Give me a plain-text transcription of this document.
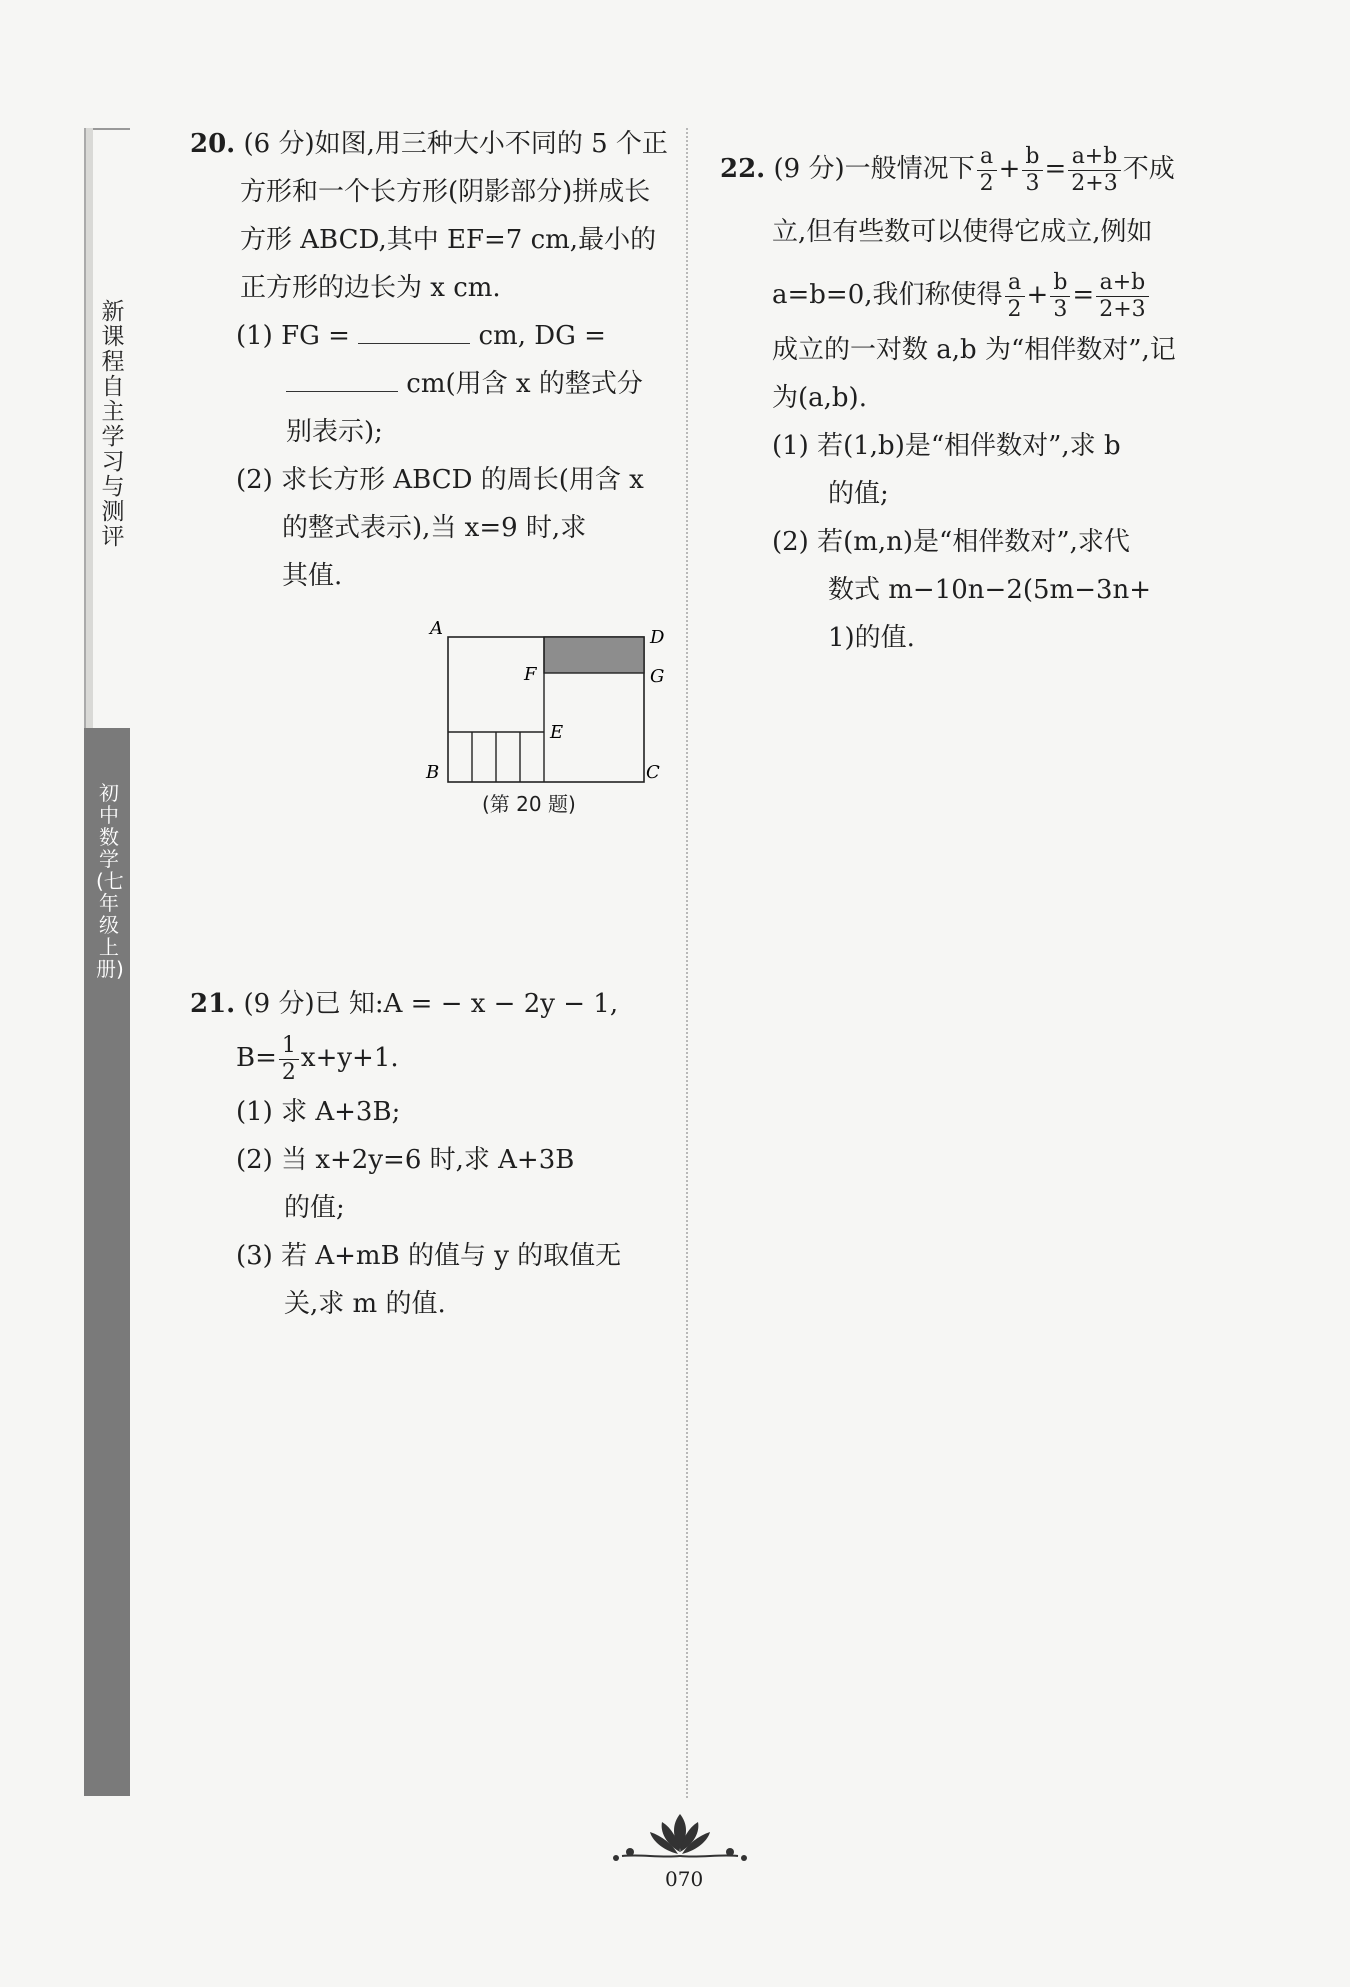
新课程自主学习与测评
初中数学(七年级上册)
20. (6 分)如图,用三种大小不同的 5 个正
方形和一个长方形(阴影部分)拼成长
方形 ABCD,其中 EF=7 cm,最小的
正方形的边长为 x cm.
(1) FG =	cm, DG =
cm(用含 x 的整式分
别表示);
(2) 求长方形 ABCD 的周长(用含 x
的整式表示),当 x=9 时,求
其值.
A	D
F	G
E
B	C
(第 20 题)
21. (9 分)已 知:A = − x − 2y − 1,
$B= \frac{1}{2} x+y+1$.
(1) 求 A+3B;
(2) 当 x+2y=6 时,求 A+3B
的值;
(3) 若 A+mB 的值与 y 的取值无
关,求 m 的值.
22. (9 分)一般情况下 $\frac{a}{2} + \frac{b}{3} = \frac{a+b}{2+3}$ 不成
立,但有些数可以使得它成立,例如
a=b=0,我们称使得 $\frac{a}{2} + \frac{b}{3} = \frac{a+b}{2+3}$
成立的一对数 a,b 为“相伴数对”,记
为(a,b).
(1) 若(1,b)是“相伴数对”,求 b
的值;
(2) 若(m,n)是“相伴数对”,求代
数式 m−10n−2(5m−3n+
1)的值.
070
